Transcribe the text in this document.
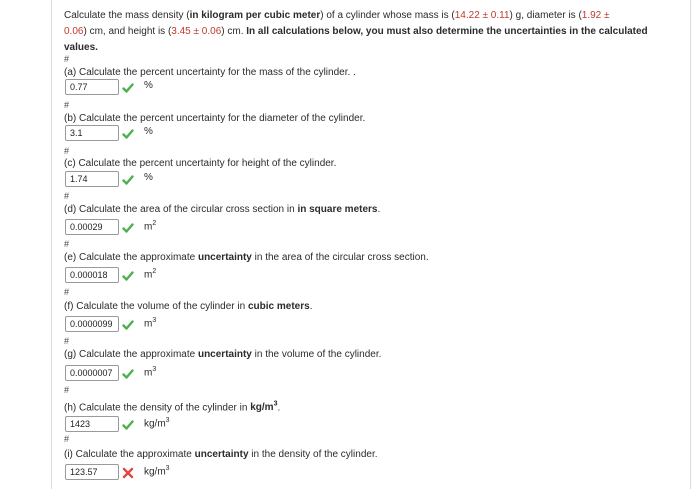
Calculate the mass density (in kilogram per cubic meter) of a cylinder whose mass is (14.22 ± 0.11) g, diameter is (1.92 ±
0.06) cm, and height is (3.45 ± 0.06) cm. In all calculations below, you must also determine the uncertainties in the calculated values.
#
(a) Calculate the percent uncertainty for the mass of the cylinder. .
0.77	%
#
(b) Calculate the percent uncertainty for the diameter of the cylinder.
3.1	%
#
(c) Calculate the percent uncertainty for height of the cylinder.
1.74	%
#
(d) Calculate the area of the circular cross section in in square meters.
0.00029	$m^2$
#
(e) Calculate the approximate uncertainty in the area of the circular cross section.
0.000018	$m^2$
#
(f) Calculate the volume of the cylinder in cubic meters.
0.0000099	$m^3$
#
(g) Calculate the approximate uncertainty in the volume of the cylinder.
0.0000007	$m^3$
#
(h) Calculate the density of the cylinder in $kg/m^3$.
1423	$kg/m^3$
#
(i) Calculate the approximate uncertainty in the density of the cylinder.
123.57	$kg/m^3$
